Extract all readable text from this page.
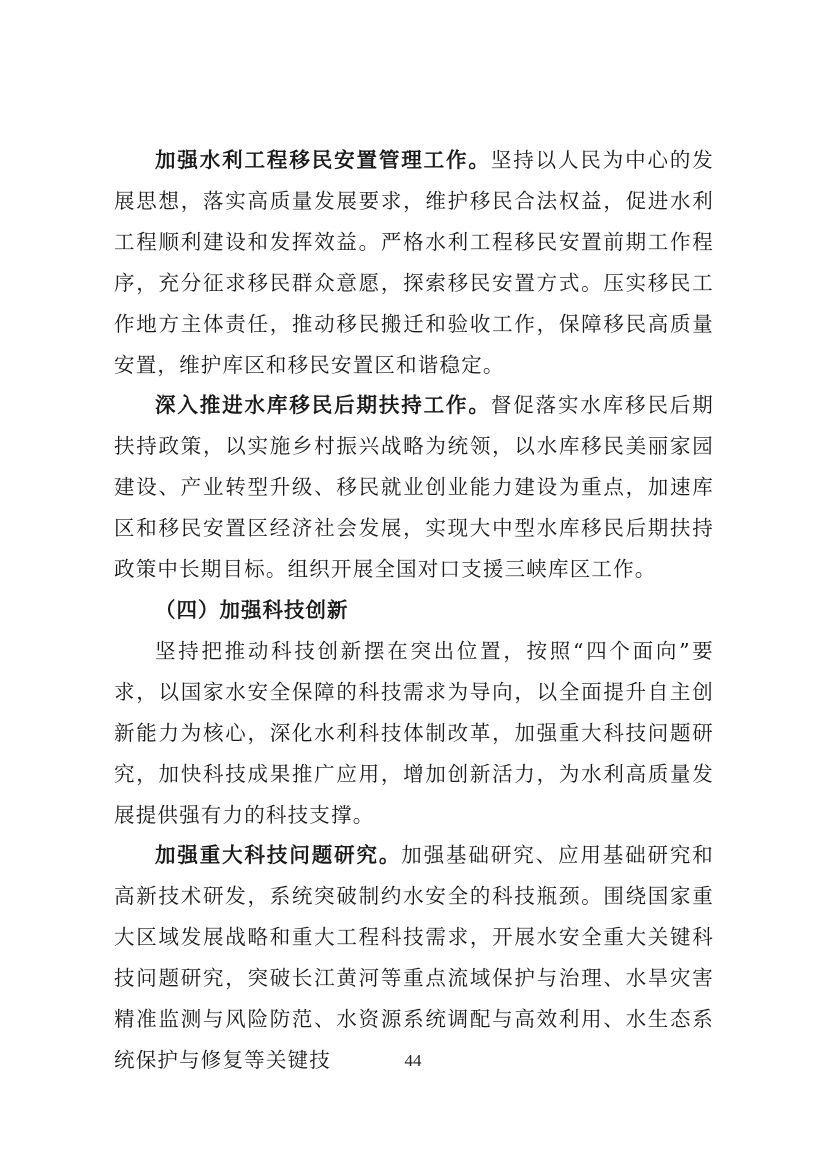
加强水利工程移民安置管理工作。坚持以人民为中心的发展思想，落实高质量发展要求，维护移民合法权益，促进水利工程顺利建设和发挥效益。严格水利工程移民安置前期工作程序，充分征求移民群众意愿，探索移民安置方式。压实移民工作地方主体责任，推动移民搬迁和验收工作，保障移民高质量安置，维护库区和移民安置区和谐稳定。

深入推进水库移民后期扶持工作。督促落实水库移民后期扶持政策，以实施乡村振兴战略为统领，以水库移民美丽家园建设、产业转型升级、移民就业创业能力建设为重点，加速库区和移民安置区经济社会发展，实现大中型水库移民后期扶持政策中长期目标。组织开展全国对口支援三峡库区工作。

（四）加强科技创新

坚持把推动科技创新摆在突出位置，按照“四个面向”要求，以国家水安全保障的科技需求为导向，以全面提升自主创新能力为核心，深化水利科技体制改革，加强重大科技问题研究，加快科技成果推广应用，增加创新活力，为水利高质量发展提供强有力的科技支撑。

加强重大科技问题研究。加强基础研究、应用基础研究和高新技术研发，系统突破制约水安全的科技瓶颈。围绕国家重大区域发展战略和重大工程科技需求，开展水安全重大关键科技问题研究，突破长江黄河等重点流域保护与治理、水旱灾害精准监测与风险防范、水资源系统调配与高效利用、水生态系统保护与修复等关键技	44
